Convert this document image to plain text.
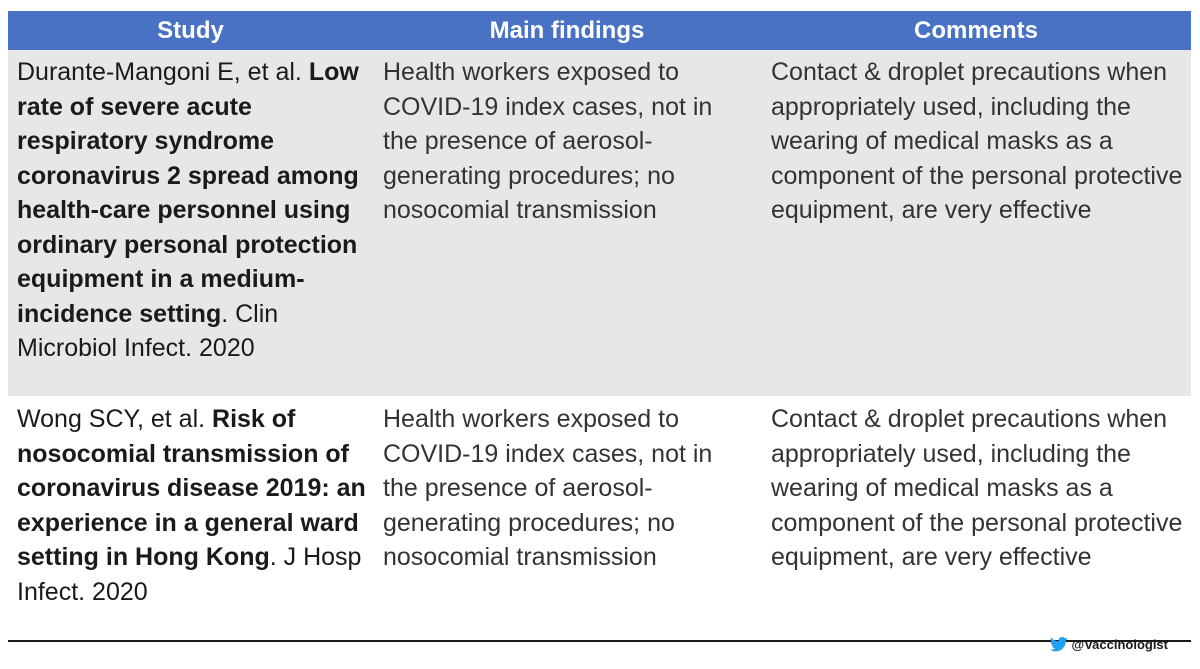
Study	Main findings	Comments
Durante-Mangoni E, et al. Low rate of severe acute respiratory syndrome coronavirus 2 spread among health-care personnel using ordinary personal protection equipment in a medium-incidence setting. Clin Microbiol Infect. 2020
Health workers exposed to COVID-19 index cases, not in the presence of aerosol-generating procedures; no nosocomial transmission
Contact & droplet precautions when appropriately used, including the wearing of medical masks as a component of the personal protective equipment, are very effective
Wong SCY, et al. Risk of nosocomial transmission of coronavirus disease 2019: an experience in a general ward setting in Hong Kong. J Hosp Infect. 2020
Health workers exposed to COVID-19 index cases, not in the presence of aerosol-generating procedures; no nosocomial transmission
Contact & droplet precautions when appropriately used, including the wearing of medical masks as a component of the personal protective equipment, are very effective
@Vaccinologist
